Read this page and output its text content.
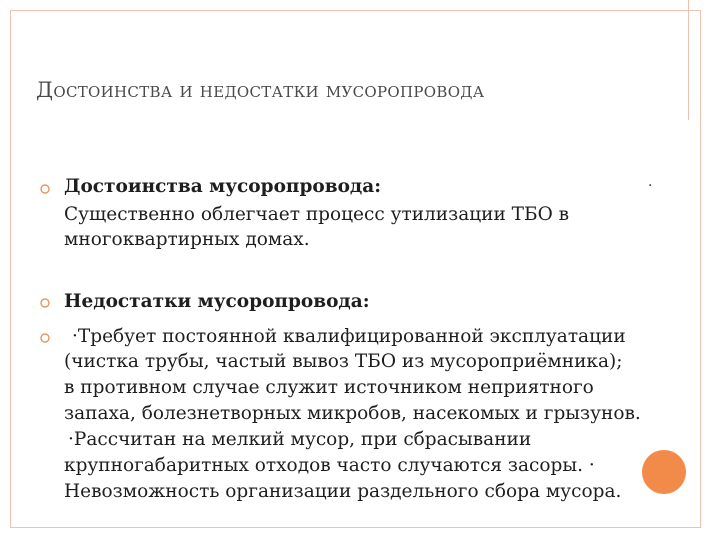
Достоинства и недостатки мусоропровода
Достоинства мусоропровода:	·
Существенно облегчает процесс утилизации ТБО в
многоквартирных домах.
Недостатки мусоропровода:
·Требует постоянной квалифицированной эксплуатации
(чистка трубы, частый вывоз ТБО из мусороприёмника);
в противном случае служит источником неприятного
запаха, болезнетворных микробов, насекомых и грызунов.
·Рассчитан на мелкий мусор, при сбрасывании
крупногабаритных отходов часто случаются засоры. ·
Невозможность организации раздельного сбора мусора.
